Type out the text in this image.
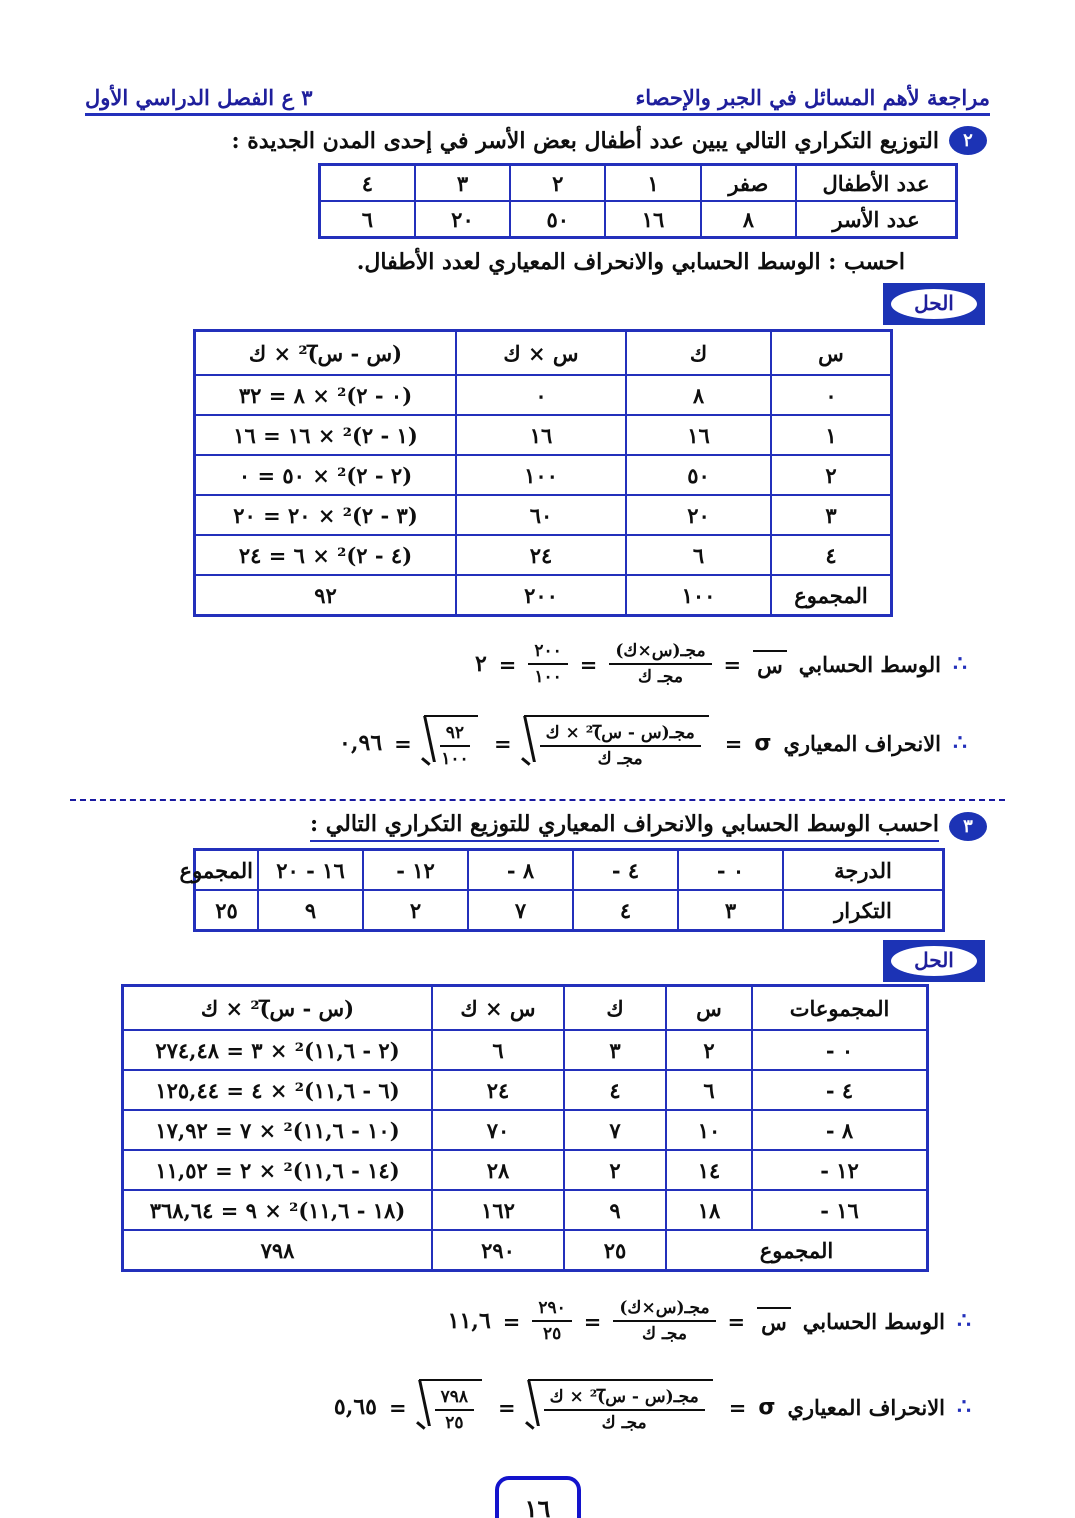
مراجعة لأهم المسائل في الجبر والإحصاء
٣ ع الفصل الدراسي الأول
٢
التوزيع التكراري التالي يبين عدد أطفال بعض الأسر في إحدى المدن الجديدة :
عدد الأطفال	صفر	١	٢	٣	٤
عدد الأسر	٨	١٦	٥٠	٢٠	٦
احسب : الوسط الحسابي والانحراف المعياري لعدد الأطفال.
الحل
س	ك	س × ك	(س - س̅)² × ك
٠	٨	٠	(٠ - ٢)² × ٨ = ٣٢
١	١٦	١٦	(١ - ٢)² × ١٦ = ١٦
٢	٥٠	١٠٠	(٢ - ٢)² × ٥٠ = ٠
٣	٢٠	٦٠	(٣ - ٢)² × ٢٠ = ٢٠
٤	٦	٢٤	(٤ - ٢)² × ٦ = ٢٤
المجموع	١٠٠	٢٠٠	٩٢
∴
الوسط الحسابي
س
=
$\frac{\text{مجـ(س×ك)}}{\text{مجـ ك}}$
=
$\frac{٢٠٠}{١٠٠}$
=
٢
∴
الانحراف المعياري
σ
=
$\frac{\text{مجـ(س - س̅)² × ك}}{\text{مجـ ك}}$
=
$\frac{٩٢}{١٠٠}$
=
٠,٩٦
٣
احسب الوسط الحسابي والانحراف المعياري للتوزيع التكراري التالي :
الدرجة	٠ -	٤ -	٨ -	١٢ -	١٦ - ٢٠	المجموع
التكرار	٣	٤	٧	٢	٩	٢٥
الحل
المجموعات	س	ك	س × ك	(س - س̅)² × ك
٠ -	٢	٣	٦	(٢ - ١١,٦)² × ٣ = ٢٧٤,٤٨
٤ -	٦	٤	٢٤	(٦ - ١١,٦)² × ٤ = ١٢٥,٤٤
٨ -	١٠	٧	٧٠	(١٠ - ١١,٦)² × ٧ = ١٧,٩٢
١٢ -	١٤	٢	٢٨	(١٤ - ١١,٦)² × ٢ = ١١,٥٢
١٦ -	١٨	٩	١٦٢	(١٨ - ١١,٦)² × ٩ = ٣٦٨,٦٤
المجموع		٢٥	٢٩٠	٧٩٨
∴
الوسط الحسابي
س
=
$\frac{\text{مجـ(س×ك)}}{\text{مجـ ك}}$
=
$\frac{٢٩٠}{٢٥}$
=
١١,٦
∴
الانحراف المعياري
σ
=
$\frac{\text{مجـ(س - س̅)² × ك}}{\text{مجـ ك}}$
=
$\frac{٧٩٨}{٢٥}$
=
٥,٦٥
١٦
